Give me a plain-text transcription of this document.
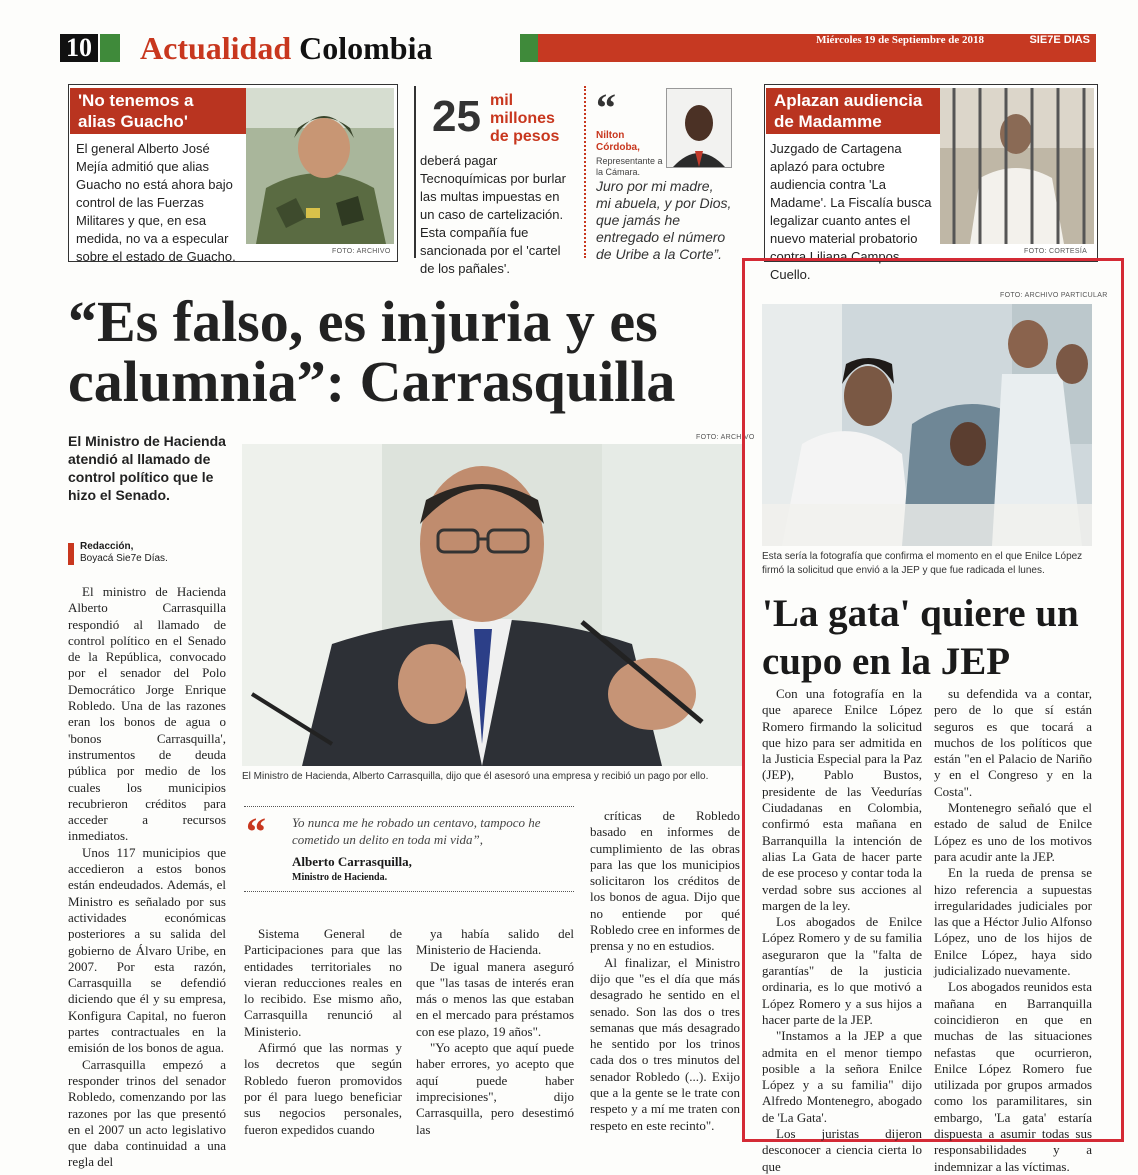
10 Actualidad Colombia	Miércoles 19 de Septiembre de 2018	SIE7E DIAS
'No tenemos a
alias Guacho'
El general Alberto José Mejía admitió que alias Guacho no está ahora bajo control de las Fuerzas Militares y que, en esa medida, no va a especular sobre el estado de Guacho.	FOTO: ARCHIVO
25 mil
millones
de pesos
deberá pagar Tecnoquímicas por burlar las multas impuestas en un caso de cartelización. Esta compañía fue sancionada por el 'cartel de los pañales'.
“
Nilton Córdoba,
Representante a la Cámara.
Juro por mi madre, mi abuela, y por Dios, que jamás he entregado el número de Uribe a la Corte”.
Aplazan audiencia
de Madamme
Juzgado de Cartagena aplazó para octubre audiencia contra 'La Madame'. La Fiscalía busca legalizar cuanto antes el nuevo material probatorio contra Liliana Campos Cuello.
FOTO: CORTESÍA
“Es falso, es injuria y es calumnia”: Carrasquilla
El Ministro de Hacienda atendió al llamado de control político que le hizo el Senado.
Redacción,
Boyacá Sie7e Días.
FOTO: ARCHIVO
El Ministro de Hacienda, Alberto Carrasquilla, dijo que él asesoró una empresa y recibió un pago por ello.

El ministro de Hacienda Alberto Carrasquilla respondió al llamado de control político en el Senado de la República, convocado por el senador del Polo Democrático Jorge Enrique Robledo. Una de las razones eran los bonos de agua o 'bonos Carrasquilla', instrumentos de deuda pública por medio de los cuales los municipios recubrieron créditos para acceder a recursos inmediatos.

Unos 117 municipios que accedieron a estos bonos están endeudados. Además, el Ministro es señalado por sus actividades económicas posteriores a su salida del gobierno de Álvaro Uribe, en 2007. Por esta razón, Carrasquilla se defendió diciendo que él y su empresa, Konfigura Capital, no fueron partes contractuales en la emisión de los bonos de agua.

Carrasquilla empezó a responder trinos del senador Robledo, comenzando por las razones por las que presentó en el 2007 un acto legislativo que daba continuidad a una regla del

“ Yo nunca me he robado un centavo, tampoco he cometido un delito en toda mi vida”,
Alberto Carrasquilla,
Ministro de Hacienda.

Sistema General de Participaciones para que las entidades territoriales no vieran reducciones reales en lo recibido. Ese mismo año, Carrasquilla renunció al Ministerio.

Afirmó que las normas y los decretos que según Robledo fueron promovidos por él para luego beneficiar sus negocios personales, fueron expedidos cuando

ya había salido del Ministerio de Hacienda.

De igual manera aseguró que "las tasas de interés eran más o menos las que estaban en el mercado para préstamos con ese plazo, 19 años".

"Yo acepto que aquí puede haber errores, yo acepto que aquí puede haber imprecisiones", dijo Carrasquilla, pero desestimó las

críticas de Robledo basado en informes de cumplimiento de las obras para las que los municipios solicitaron los créditos de los bonos de agua. Dijo que no entiende por qué Robledo cree en informes de prensa y no en estudios.

Al finalizar, el Ministro dijo que "es el día que más desagrado he sentido en el senado. Son las dos o tres semanas que más desagrado he sentido por los trinos cada dos o tres minutos del senador Robledo (...). Exijo que a la gente se le trate con respeto y a mí me traten con respeto en este recinto".

FOTO: ARCHIVO PARTICULAR
Esta sería la fotografía que confirma el momento en el que Enilce López firmó la solicitud que envió a la JEP y que fue radicada el lunes.
'La gata' quiere un cupo en la JEP

Con una fotografía en la que aparece Enilce López Romero firmando la solicitud que hizo para ser admitida en la Justicia Especial para la Paz (JEP), Pablo Bustos, presidente de las Veedurías Ciudadanas en Colombia, confirmó esta mañana en Barranquilla la intención de alias La Gata de hacer parte de ese proceso y contar toda la verdad sobre sus acciones al margen de la ley.

Los abogados de Enilce López Romero y de su familia aseguraron que la "falta de garantías" de la justicia ordinaria, es lo que motivó a López Romero y a sus hijos a hacer parte de la JEP.

"Instamos a la JEP a que admita en el menor tiempo posible a la señora Enilce López y a su familia" dijo Alfredo Montenegro, abogado de 'La Gata'.

Los juristas dijeron desconocer a ciencia cierta lo que

su defendida va a contar, pero de lo que sí están seguros es que tocará a muchos de los políticos que están "en el Palacio de Nariño y en el Congreso y en la Costa".

Montenegro señaló que el estado de salud de Enilce López es uno de los motivos para acudir ante la JEP.

En la rueda de prensa se hizo referencia a supuestas irregularidades judiciales por las que a Héctor Julio Alfonso López, uno de los hijos de Enilce López, haya sido judicializado nuevamente.

Los abogados reunidos esta mañana en Barranquilla coincidieron en que en muchas de las situaciones nefastas que ocurrieron, Enilce López Romero fue utilizada por grupos armados como los paramilitares, sin embargo, 'La gata' estaría dispuesta a asumir todas sus responsabilidades y a indemnizar a las víctimas.
